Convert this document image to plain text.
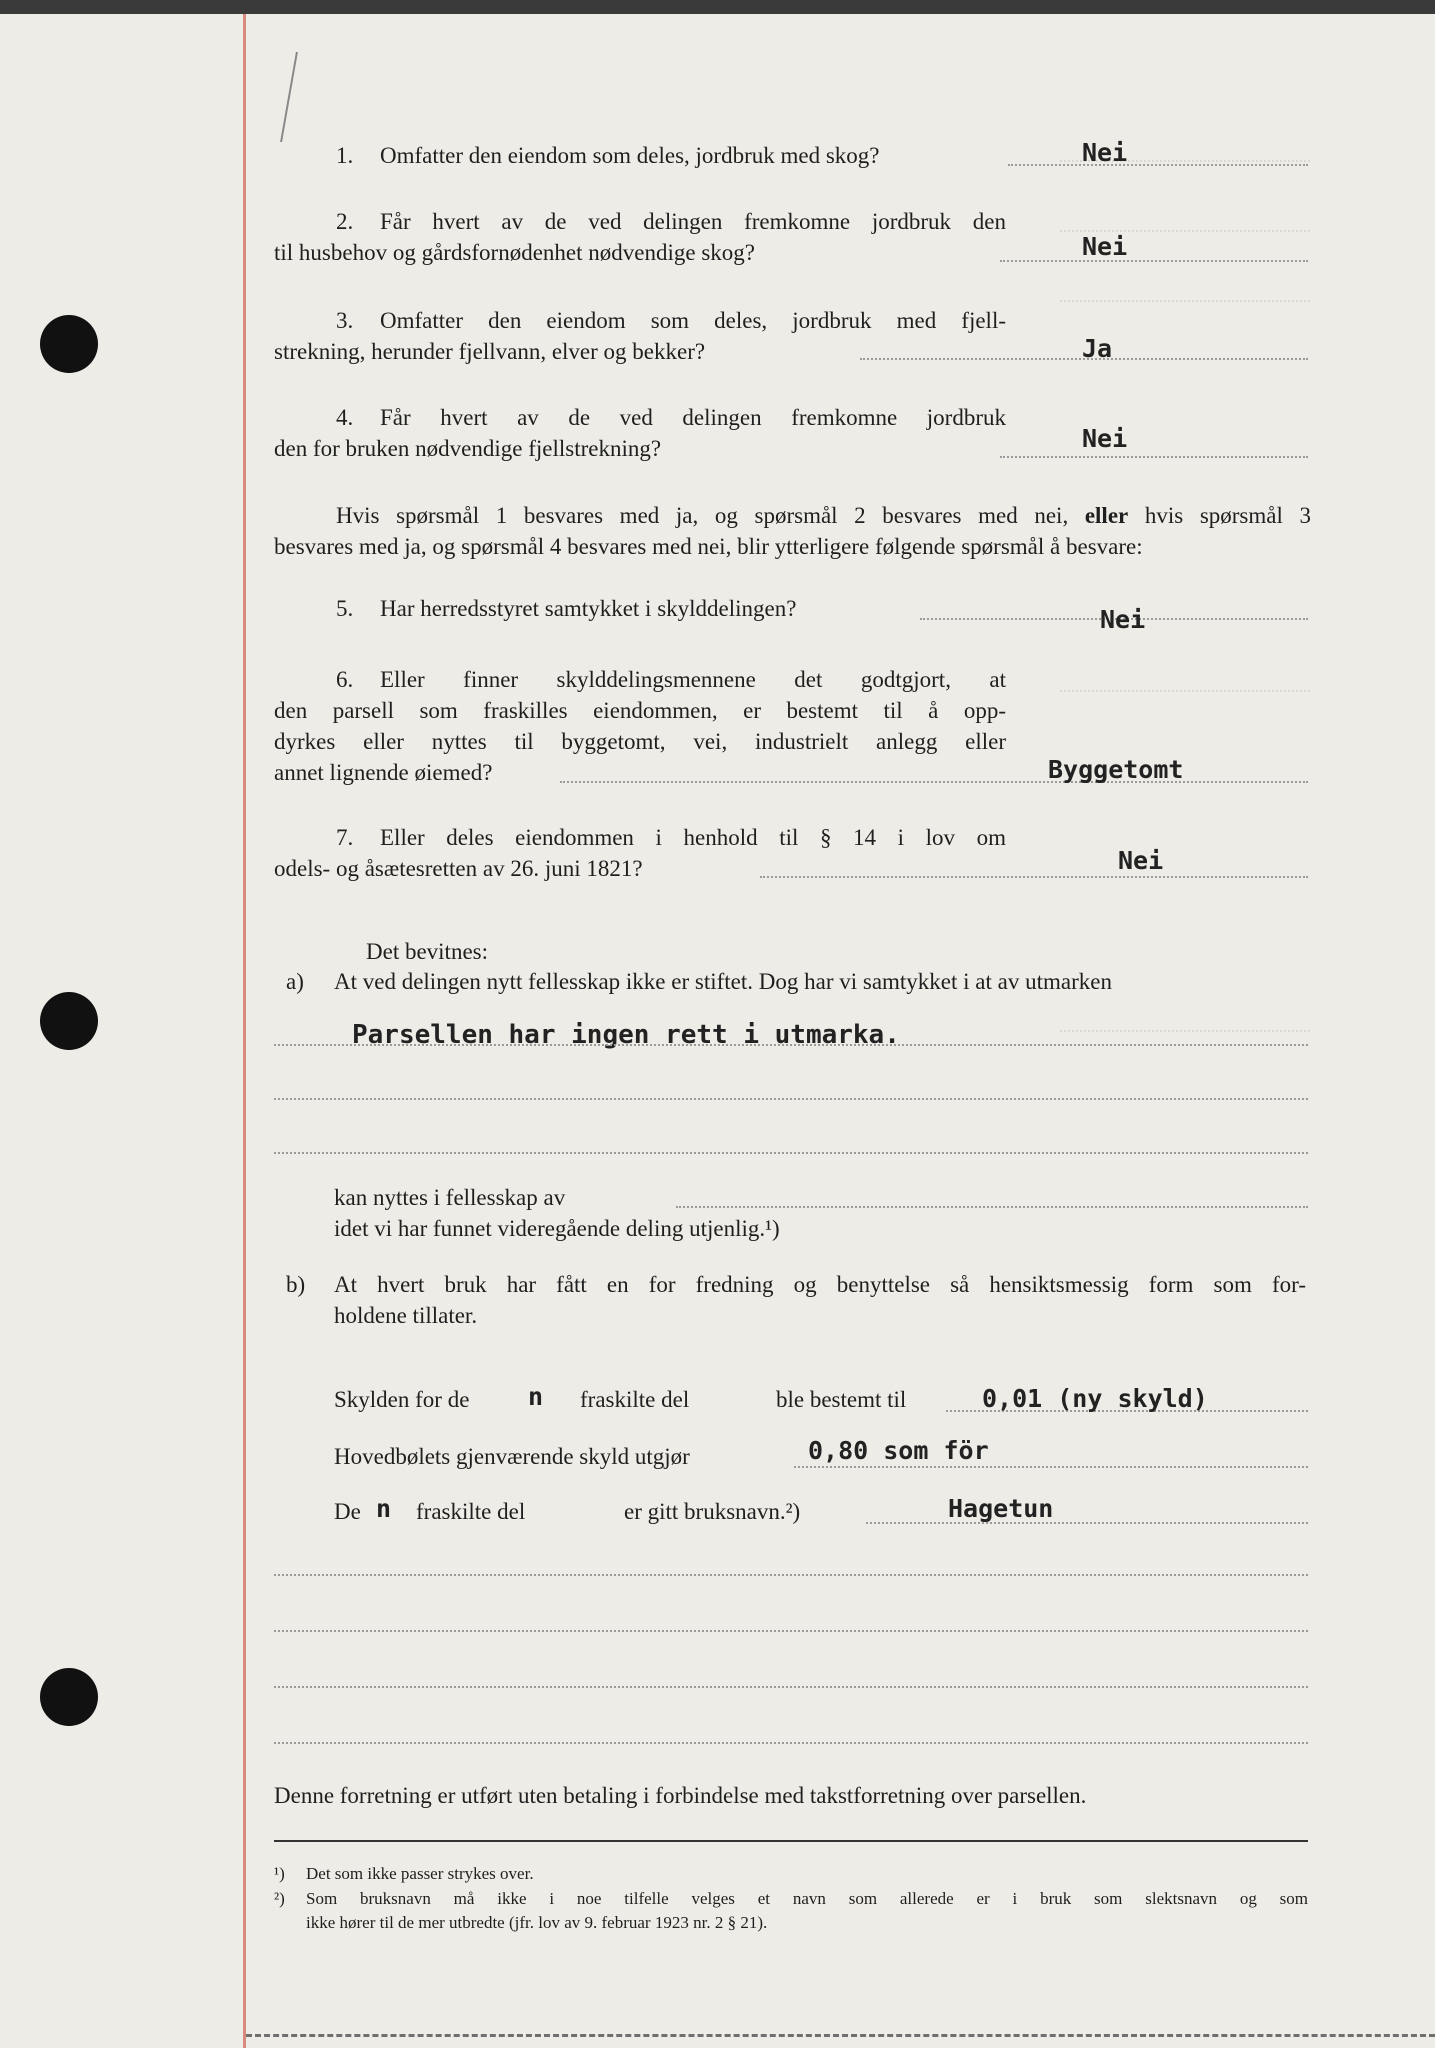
1. Omfatter den eiendom som deles, jordbruk med skog?	Nei
2. Får hvert av de ved delingen fremkomne jordbruk den
til husbehov og gårdsfornødenhet nødvendige skog?	Nei
3. Omfatter den eiendom som deles, jordbruk med fjell-
strekning, herunder fjellvann, elver og bekker?	Ja
4. Får hvert av de ved delingen fremkomne jordbruk
den for bruken nødvendige fjellstrekning?	Nei
Hvis spørsmål 1 besvares med ja, og spørsmål 2 besvares med nei, eller hvis spørsmål 3
besvares med ja, og spørsmål 4 besvares med nei, blir ytterligere følgende spørsmål å besvare:
5. Har herredsstyret samtykket i skylddelingen?	Nei
6. Eller finner skylddelingsmennene det godtgjort, at
den parsell som fraskilles eiendommen, er bestemt til å opp-
dyrkes eller nyttes til byggetomt, vei, industrielt anlegg eller
annet lignende øiemed?	Byggetomt
7. Eller deles eiendommen i henhold til § 14 i lov om
odels- og åsætesretten av 26. juni 1821?	Nei
Det bevitnes:
a) At ved delingen nytt fellesskap ikke er stiftet. Dog har vi samtykket i at av utmarken
Parsellen har ingen rett i utmarka.
kan nyttes i fellesskap av
idet vi har funnet videregående deling utjenlig.¹)
b) At hvert bruk har fått en for fredning og benyttelse så hensiktsmessig form som for-
holdene tillater.
Skylden for de n fraskilte del	ble bestemt til	0,01 (ny skyld)
Hovedbølets gjenværende skyld utgjør	0,80 som för
De n fraskilte del	er gitt bruksnavn.²)	Hagetun
Denne forretning er utført uten betaling i forbindelse med takstforretning over parsellen.
¹) Det som ikke passer strykes over.
²) Som bruksnavn må ikke i noe tilfelle velges et navn som allerede er i bruk som slektsnavn og som
ikke hører til de mer utbredte (jfr. lov av 9. februar 1923 nr. 2 § 21).
